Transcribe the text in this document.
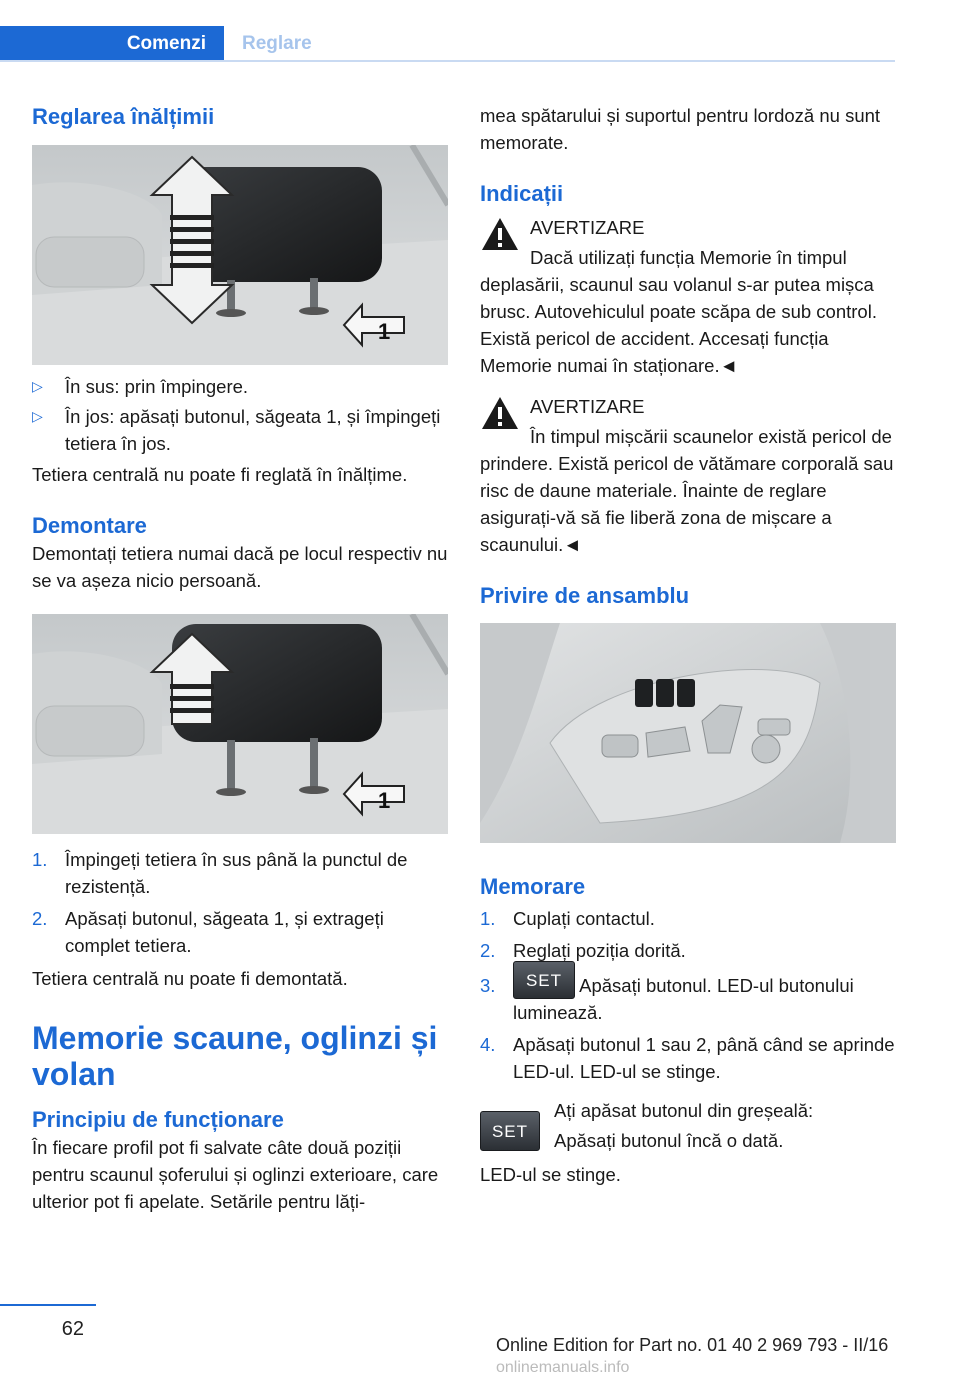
Comenzi	Reglare
Reglarea înălțimii
1
▷ În sus: prin împingere.
▷ În jos: apăsați butonul, săgeata 1, și împingeți tetiera în jos.

Tetiera centrală nu poate fi reglată în înălțime.

Demontare

Demontați tetiera numai dacă pe locul respectiv nu se va așeza nicio persoană.

1
1. Împingeți tetiera în sus până la punctul de rezistență.
2. Apăsați butonul, săgeata 1, și extrageți complet tetiera.

Tetiera centrală nu poate fi demontată.

Memorie scaune, oglinzi și volan
Principiu de funcționare

În fiecare profil pot fi salvate câte două poziții pentru scaunul șoferului și oglinzi exterioare, care ulterior pot fi apelate. Setările pentru lăți-

mea spătarului și suportul pentru lordoză nu sunt memorate.

Indicații
AVERTIZARE
Dacă utilizați funcția Memorie în timpul deplasării, scaunul sau volanul s-ar putea mișca brusc. Autovehiculul poate scăpa de sub control. Există pericol de accident. Accesați funcția Memorie numai în staționare.◄
AVERTIZARE
În timpul mișcării scaunelor există pericol de prindere. Există pericol de vătămare corporală sau risc de daune materiale. Înainte de reglare asigurați-vă să fie liberă zona de mișcare a scaunului.◄
Privire de ansamblu
Memorare
1. Cuplați contactul.
2. Reglați poziția dorită.
3. SET Apăsați butonul. LED-ul butonului luminează.
4. Apăsați butonul 1 sau 2, până când se aprinde LED-ul. LED-ul se stinge.
SET
Ați apăsat butonul din greșeală:
Apăsați butonul încă o dată.

LED-ul se stinge.

62
Online Edition for Part no. 01 40 2 969 793 - II/16 onlinemanuals.info
